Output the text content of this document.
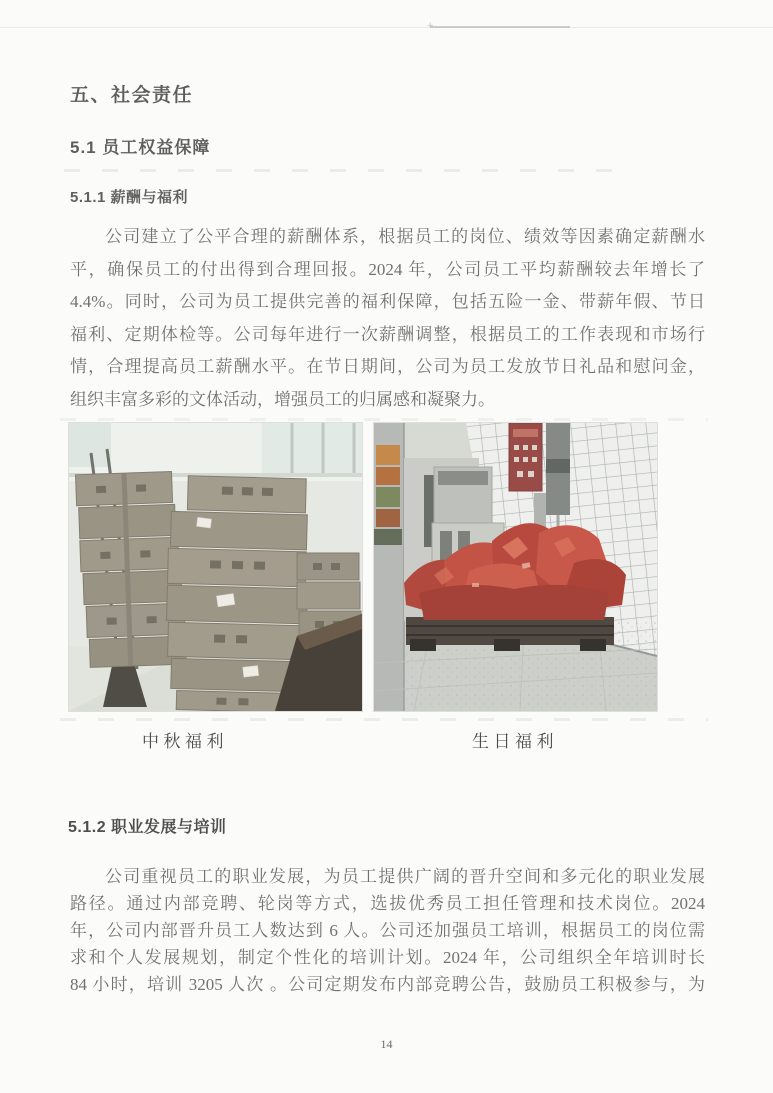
+
五、社会责任
5.1 员工权益保障
5.1.1 薪酬与福利
5.1.2 职业发展与培训
公司建立了公平合理的薪酬体系，根据员工的岗位、绩效等因素确定薪酬水
平，确保员工的付出得到合理回报。2024 年，公司员工平均薪酬较去年增长了
4.4%。同时，公司为员工提供完善的福利保障，包括五险一金、带薪年假、节日
福利、定期体检等。公司每年进行一次薪酬调整，根据员工的工作表现和市场行
情，合理提高员工薪酬水平。在节日期间，公司为员工发放节日礼品和慰问金，
组织丰富多彩的文体活动，增强员工的归属感和凝聚力。
中秋福利	生日福利
公司重视员工的职业发展，为员工提供广阔的晋升空间和多元化的职业发展
路径。通过内部竞聘、轮岗等方式，选拔优秀员工担任管理和技术岗位。2024
年，公司内部晋升员工人数达到 6 人。公司还加强员工培训，根据员工的岗位需
求和个人发展规划，制定个性化的培训计划。2024 年，公司组织全年培训时长
84 小时，培训 3205 人次 。公司定期发布内部竞聘公告，鼓励员工积极参与，为
14
